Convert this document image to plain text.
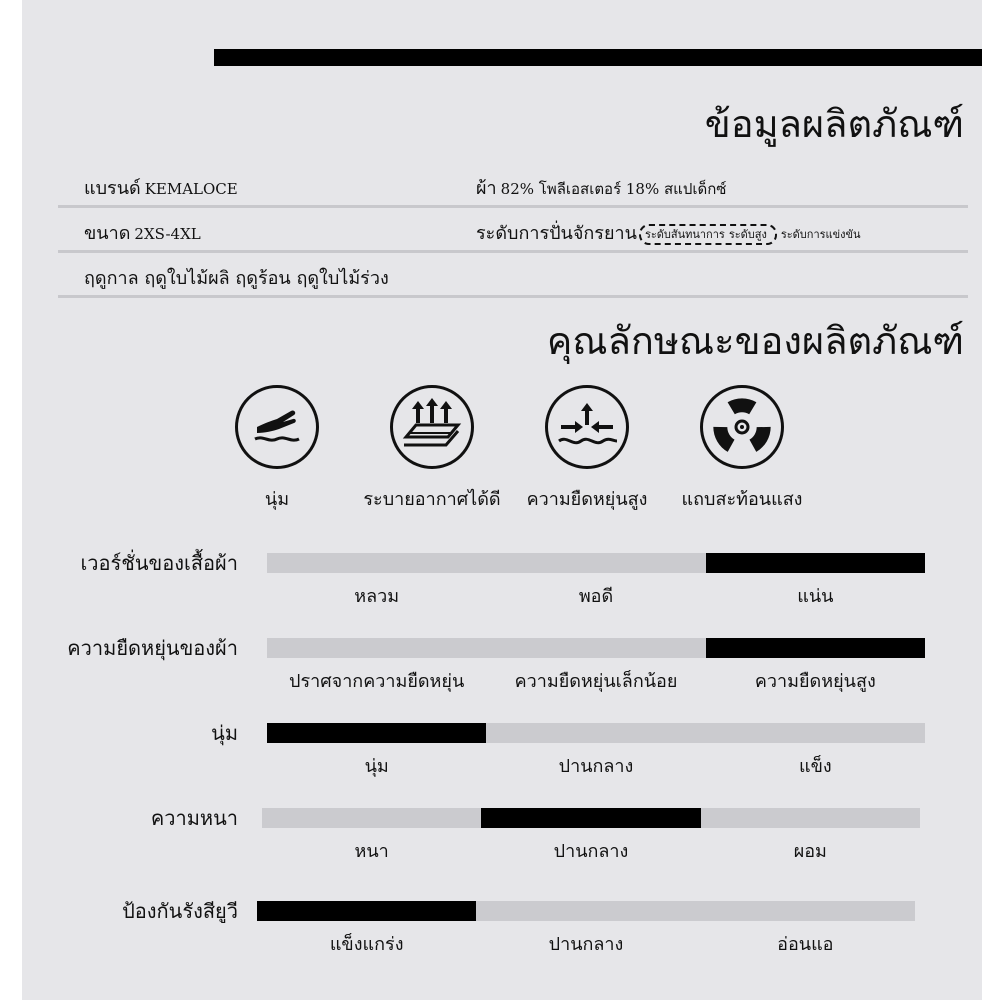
ข้อมูลผลิตภัณฑ์
แบรนด์ KEMALOCE	ผ้า 82% โพลีเอสเตอร์ 18% สแปเด็กซ์
ขนาด 2XS-4XL	ระดับการปั่นจักรยาน ระดับสันทนาการ ระดับสูง ระดับการแข่งขัน
ฤดูกาล ฤดูใบไม้ผลิ ฤดูร้อน ฤดูใบไม้ร่วง
คุณลักษณะของผลิตภัณฑ์
นุ่ม	ระบายอากาศได้ดี	ความยืดหยุ่นสูง	แถบสะท้อนแสง
เวอร์ชั่นของเสื้อผ้า
หลวม	พอดี	แน่น
ความยืดหยุ่นของผ้า
ปราศจากความยืดหยุ่น	ความยืดหยุ่นเล็กน้อย	ความยืดหยุ่นสูง
นุ่ม
นุ่ม	ปานกลาง	แข็ง
ความหนา
หนา	ปานกลาง	ผอม
ป้องกันรังสียูวี
แข็งแกร่ง	ปานกลาง	อ่อนแอ
